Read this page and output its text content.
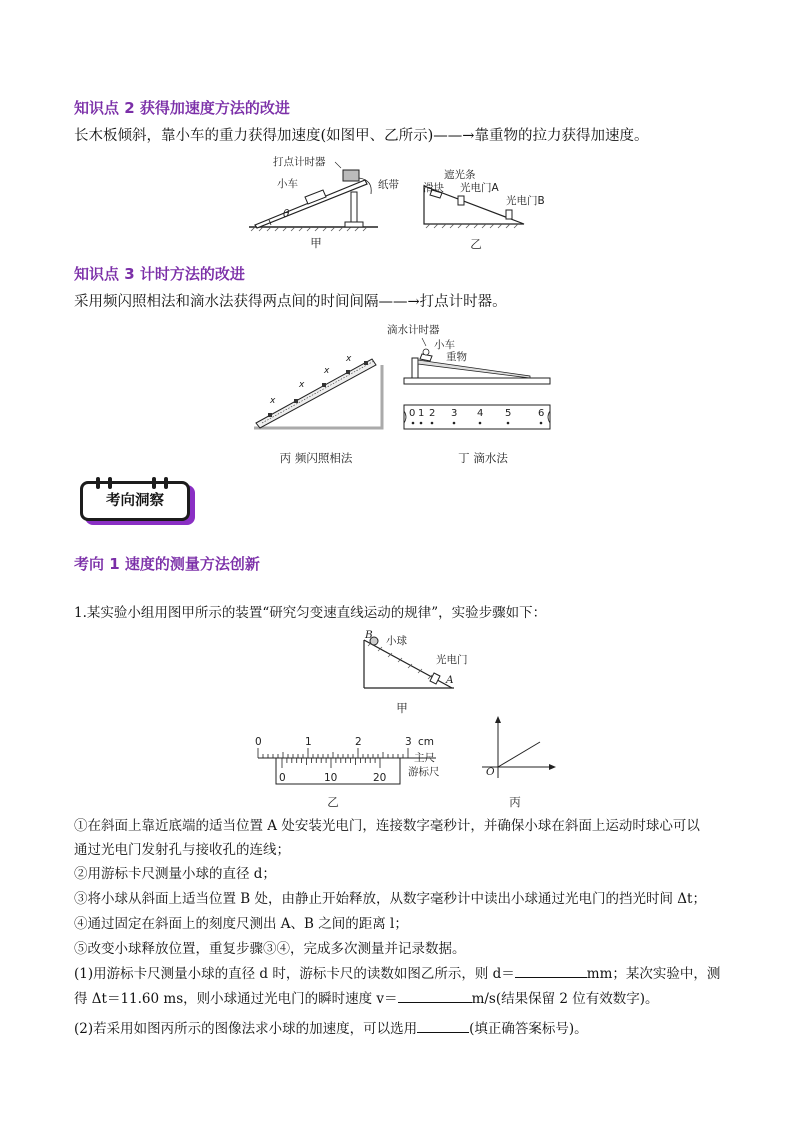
知识点 2 获得加速度方法的改进
长木板倾斜，靠小车的重力获得加速度(如图甲、乙所示)——→靠重物的拉力获得加速度。
打点计时器
小车	纸带
θ
甲
遮光条
滑块 光电门A
光电门B
乙
知识点 3 计时方法的改进
采用频闪照相法和滴水法获得两点间的时间间隔——→打点计时器。
x
x
x
x
丙 频闪照相法
滴水计时器
小车
重物
0 1 2 3 4 5	6
丁 滴水法
考向洞察
考向 1 速度的测量方法创新
1.某实验小组用图甲所示的装置“研究匀变速直线运动的规律”，实验步骤如下：
B 小球
光电门
A
甲
0	1	2	3 cm
主尺
0	10	20 游标尺
乙
O
丙
①在斜面上靠近底端的适当位置 A 处安装光电门，连接数字毫秒计，并确保小球在斜面上运动时球心可以
通过光电门发射孔与接收孔的连线；
②用游标卡尺测量小球的直径 d；
③将小球从斜面上适当位置 B 处，由静止开始释放，从数字毫秒计中读出小球通过光电门的挡光时间 Δt；
④通过固定在斜面上的刻度尺测出 A、B 之间的距离 l；
⑤改变小球释放位置，重复步骤③④，完成多次测量并记录数据。
(1)用游标卡尺测量小球的直径 d 时，游标卡尺的读数如图乙所示，则 d＝	mm；某次实验中，测
得 Δt＝11.60 ms，则小球通过光电门的瞬时速度 v＝	m/s(结果保留 2 位有效数字)。
(2)若采用如图丙所示的图像法求小球的加速度，可以选用	(填正确答案标号)。
